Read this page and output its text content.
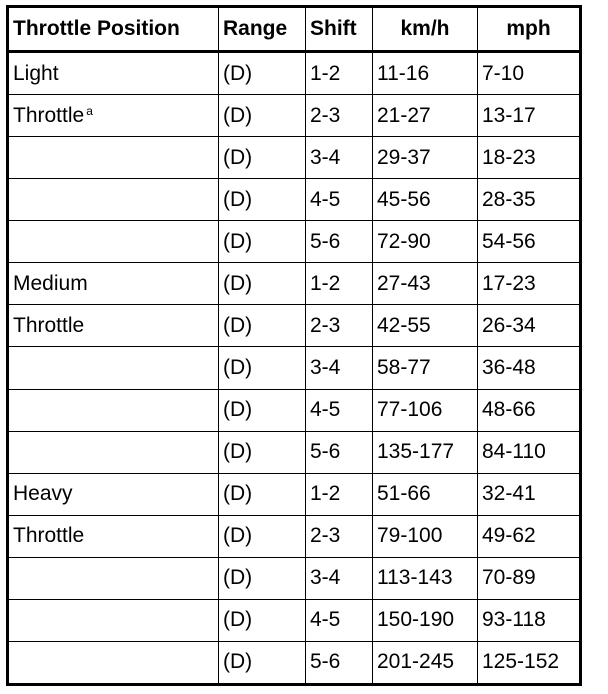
Throttle Position	Range	Shift	km/h	mph
Light	(D)	1-2	11-16	7-10
Throttle $^a$	(D)	2-3	21-27	13-17
	(D)	3-4	29-37	18-23
	(D)	4-5	45-56	28-35
	(D)	5-6	72-90	54-56
Medium	(D)	1-2	27-43	17-23
Throttle	(D)	2-3	42-55	26-34
	(D)	3-4	58-77	36-48
	(D)	4-5	77-106	48-66
	(D)	5-6	135-177	84-110
Heavy	(D)	1-2	51-66	32-41
Throttle	(D)	2-3	79-100	49-62
	(D)	3-4	113-143	70-89
	(D)	4-5	150-190	93-118
	(D)	5-6	201-245	125-152
